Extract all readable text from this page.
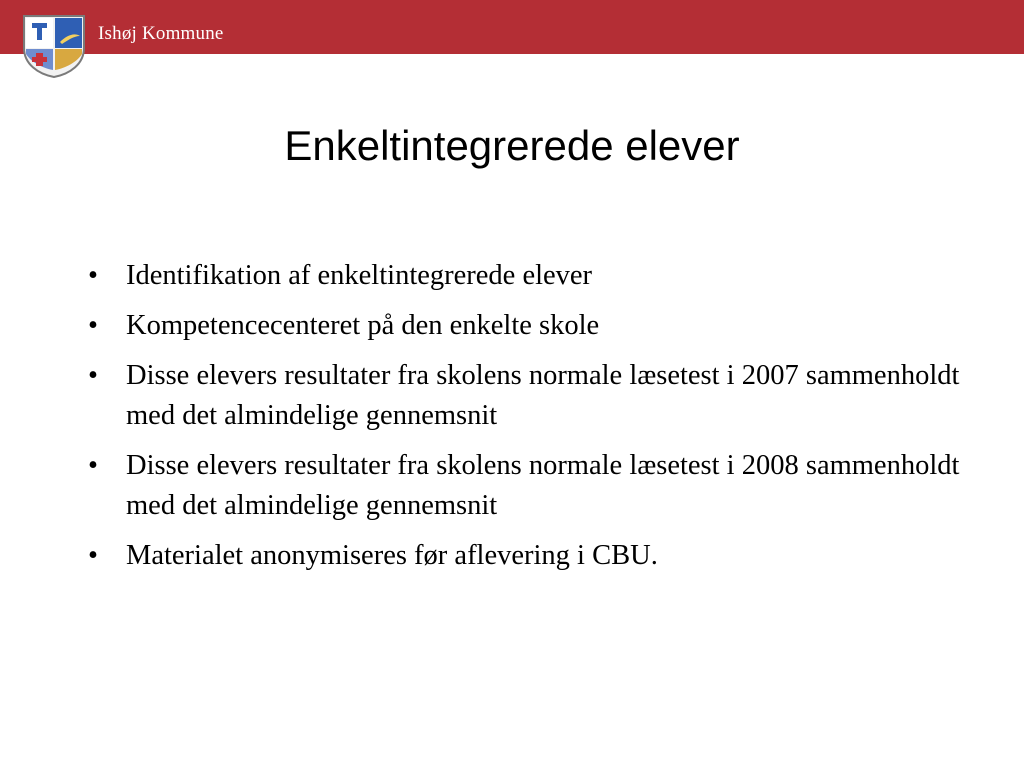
Ishøj Kommune
Enkeltintegrerede elever
• Identifikation af enkeltintegrerede elever
• Kompetencecenteret på den enkelte skole
• Disse elevers resultater fra skolens normale læsetest i 2007 sammenholdt med det almindelige gennemsnit
• Disse elevers resultater fra skolens normale læsetest i 2008 sammenholdt med det almindelige gennemsnit
• Materialet anonymiseres før aflevering i CBU.
